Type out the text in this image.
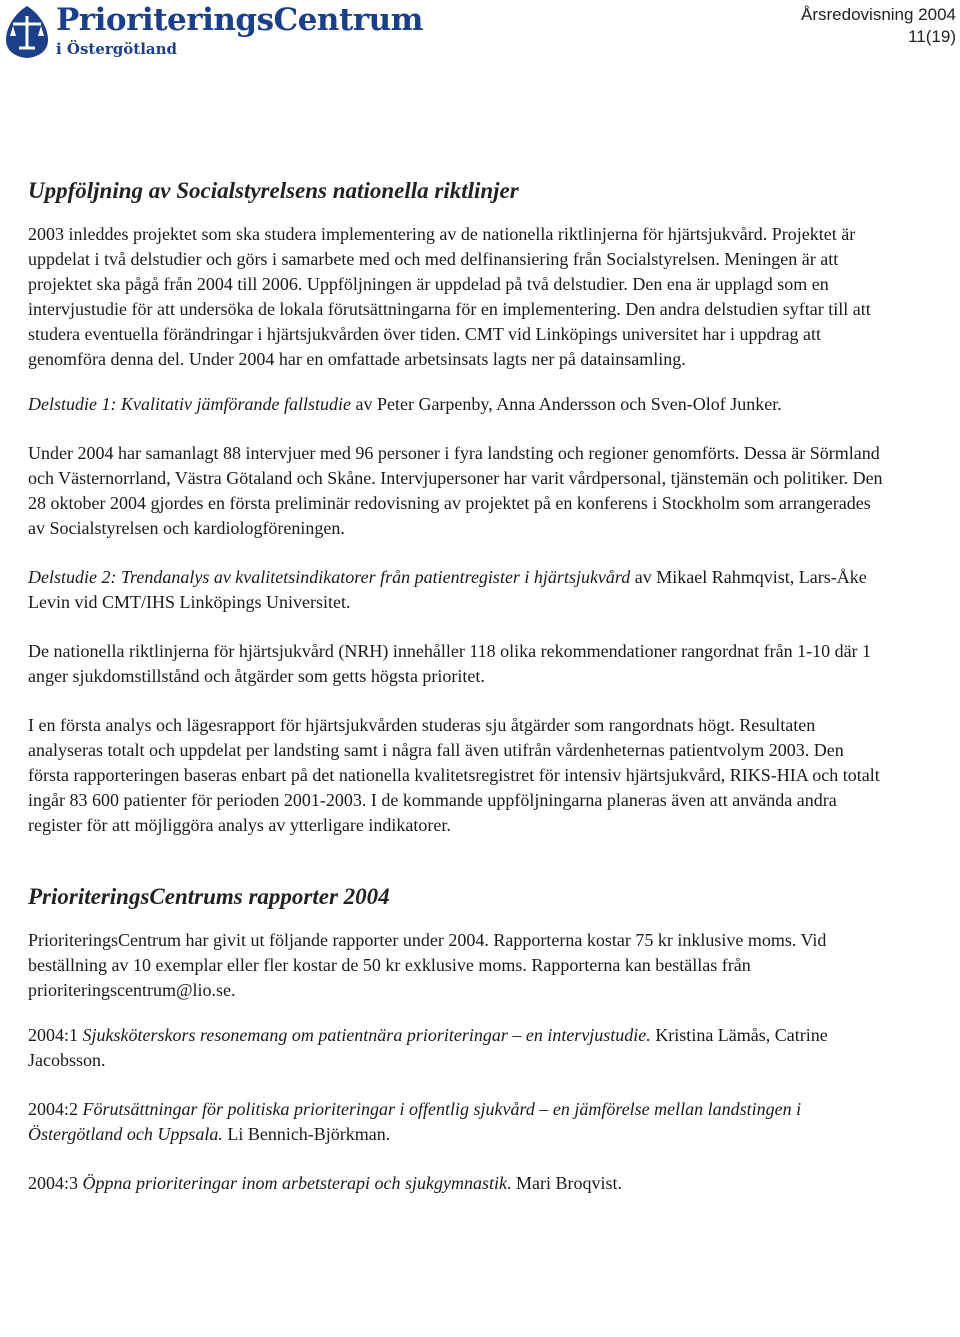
PrioriteringsCentrum
i Östergötland
Årsredovisning 2004
11(19)
Uppföljning av Socialstyrelsens nationella riktlinjer

2003 inleddes projektet som ska studera implementering av de nationella riktlinjerna för hjärtsjukvård. Projektet är uppdelat i två delstudier och görs i samarbete med och med delfinansiering från Socialstyrelsen. Meningen är att projektet ska pågå från 2004 till 2006. Uppföljningen är uppdelad på två delstudier. Den ena är upplagd som en intervjustudie för att undersöka de lokala förutsättningarna för en implementering. Den andra delstudien syftar till att studera eventuella förändringar i hjärtsjukvården över tiden. CMT vid Linköpings universitet har i uppdrag att genomföra denna del. Under 2004 har en omfattade arbetsinsats lagts ner på datainsamling.

Delstudie 1: Kvalitativ jämförande fallstudie av Peter Garpenby, Anna Andersson och Sven-Olof Junker.

Under 2004 har samanlagt 88 intervjuer med 96 personer i fyra landsting och regioner genomförts. Dessa är Sörmland och Västernorrland, Västra Götaland och Skåne. Intervjupersoner har varit vårdpersonal, tjänstemän och politiker. Den 28 oktober 2004 gjordes en första preliminär redovisning av projektet på en konferens i Stockholm som arrangerades av Socialstyrelsen och kardiologföreningen.

Delstudie 2: Trendanalys av kvalitetsindikatorer från patientregister i hjärtsjukvård av Mikael Rahmqvist, Lars-Åke Levin vid CMT/IHS Linköpings Universitet.

De nationella riktlinjerna för hjärtsjukvård (NRH) innehåller 118 olika rekommendationer rangordnat från 1-10 där 1 anger sjukdomstillstånd och åtgärder som getts högsta prioritet.

I en första analys och lägesrapport för hjärtsjukvården studeras sju åtgärder som rangordnats högt. Resultaten analyseras totalt och uppdelat per landsting samt i några fall även utifrån vårdenheternas patientvolym 2003. Den första rapporteringen baseras enbart på det nationella kvalitetsregistret för intensiv hjärtsjukvård, RIKS-HIA och totalt ingår 83 600 patienter för perioden 2001-2003. I de kommande uppföljningarna planeras även att använda andra register för att möjliggöra analys av ytterligare indikatorer.

PrioriteringsCentrums rapporter 2004

PrioriteringsCentrum har givit ut följande rapporter under 2004. Rapporterna kostar 75 kr inklusive moms. Vid beställning av 10 exemplar eller fler kostar de 50 kr exklusive moms. Rapporterna kan beställas från prioriteringscentrum@lio.se.

2004:1 Sjuksköterskors resonemang om patientnära prioriteringar – en intervjustudie. Kristina Lämås, Catrine Jacobsson.

2004:2 Förutsättningar för politiska prioriteringar i offentlig sjukvård – en jämförelse mellan landstingen i Östergötland och Uppsala. Li Bennich-Björkman.

2004:3 Öppna prioriteringar inom arbetsterapi och sjukgymnastik. Mari Broqvist.
